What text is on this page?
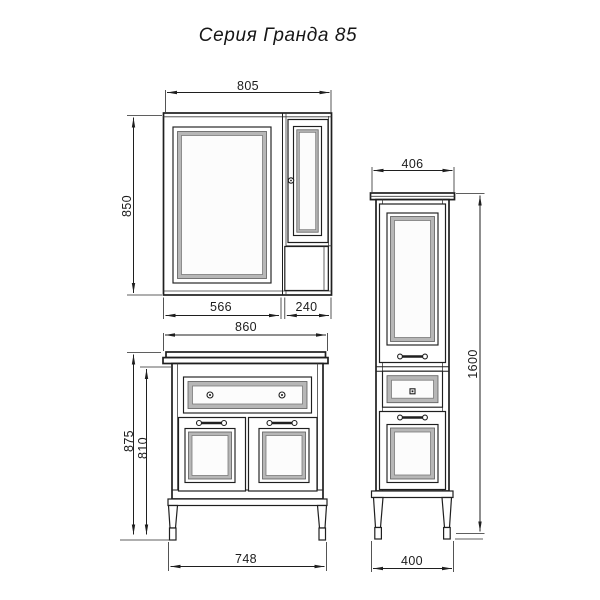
Серия Гранда 85
805
850
566	240
860
875 810
748
406
1600
400
